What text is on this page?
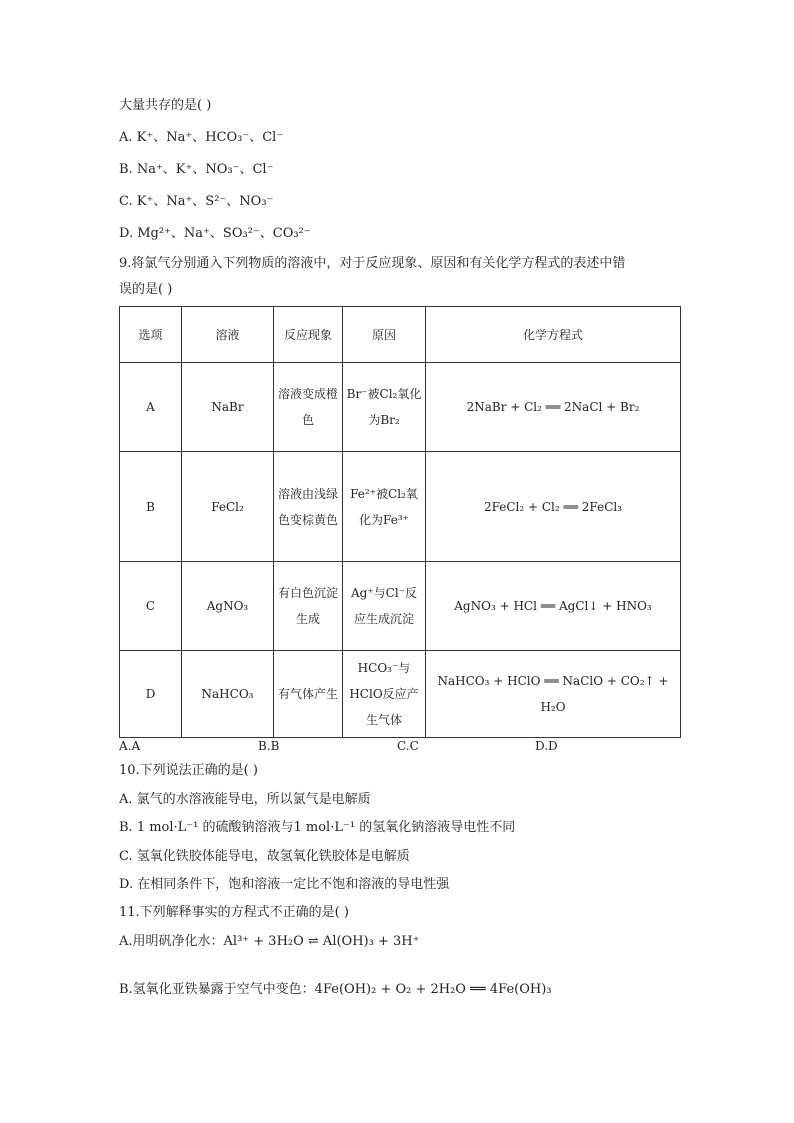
大量共存的是( )
A. K⁺、Na⁺、HCO₃⁻、Cl⁻
B. Na⁺、K⁺、NO₃⁻、Cl⁻
C. K⁺、Na⁺、S²⁻、NO₃⁻
D. Mg²⁺、Na⁺、SO₃²⁻、CO₃²⁻
9.将氯气分别通入下列物质的溶液中，对于反应现象、原因和有关化学方程式的表述中错
误的是( )
选项	溶液	反应现象	原因	化学方程式
A	NaBr	溶液变成橙色	Br⁻被Cl₂氧化为Br₂	2NaBr + Cl₂ ══ 2NaCl + Br₂
B	FeCl₂	溶液由浅绿色变棕黄色	Fe²⁺被Cl₂氧化为Fe³⁺	2FeCl₂ + Cl₂ ══ 2FeCl₃
C	AgNO₃	有白色沉淀生成	Ag⁺与Cl⁻反应生成沉淀	AgNO₃ + HCl ══ AgCl↓ + HNO₃
D	NaHCO₃	有气体产生	HCO₃⁻与HClO反应产生气体	NaHCO₃ + HClO ══ NaClO + CO₂↑ + H₂O
A.A	B.B	C.C	D.D
10.下列说法正确的是( )
A. 氯气的水溶液能导电，所以氯气是电解质
B. 1 mol·L⁻¹ 的硫酸钠溶液与1 mol·L⁻¹ 的氢氧化钠溶液导电性不同
C. 氢氧化铁胶体能导电，故氢氧化铁胶体是电解质
D. 在相同条件下，饱和溶液一定比不饱和溶液的导电性强
11.下列解释事实的方程式不正确的是( )
A.用明矾净化水：Al³⁺ + 3H₂O ⇌ Al(OH)₃ + 3H⁺
B.氢氧化亚铁暴露于空气中变色：4Fe(OH)₂ + O₂ + 2H₂O ══ 4Fe(OH)₃
